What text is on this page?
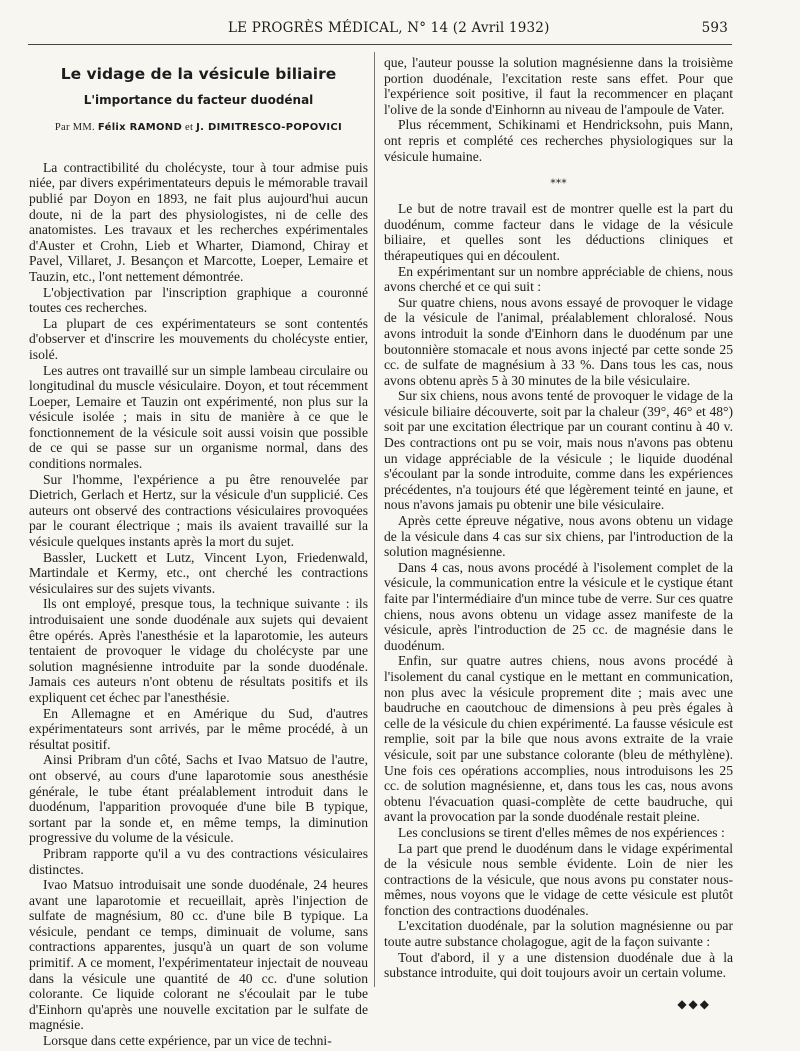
LE PROGRÈS MÉDICAL, N° 14 (2 Avril 1932)	593
Le vidage de la vésicule biliaire
L'importance du facteur duodénal
Par MM. Félix RAMOND et J. DIMITRESCO-POPOVICI

La contractibilité du cholécyste, tour à tour admise puis niée, par divers expérimentateurs depuis le mémorable travail publié par Doyon en 1893, ne fait plus aujourd'hui aucun doute, ni de la part des physiologistes, ni de celle des anatomistes. Les travaux et les recherches expérimentales d'Auster et Crohn, Lieb et Wharter, Diamond, Chiray et Pavel, Villaret, J. Besançon et Marcotte, Loeper, Lemaire et Tauzin, etc., l'ont nettement démontrée.

L'objectivation par l'inscription graphique a couronné toutes ces recherches.

La plupart de ces expérimentateurs se sont contentés d'observer et d'inscrire les mouvements du cholécyste entier, isolé.

Les autres ont travaillé sur un simple lambeau circulaire ou longitudinal du muscle vésiculaire. Doyon, et tout récemment Loeper, Lemaire et Tauzin ont expérimenté, non plus sur la vésicule isolée ; mais in situ de manière à ce que le fonctionnement de la vésicule soit aussi voisin que possible de ce qui se passe sur un organisme normal, dans des conditions normales.

Sur l'homme, l'expérience a pu être renouvelée par Dietrich, Gerlach et Hertz, sur la vésicule d'un supplicié. Ces auteurs ont observé des contractions vésiculaires provoquées par le courant électrique ; mais ils avaient travaillé sur la vésicule quelques instants après la mort du sujet.

Bassler, Luckett et Lutz, Vincent Lyon, Friedenwald, Martindale et Kermy, etc., ont cherché les contractions vésiculaires sur des sujets vivants.

Ils ont employé, presque tous, la technique suivante : ils introduisaient une sonde duodénale aux sujets qui devaient être opérés. Après l'anesthésie et la laparotomie, les auteurs tentaient de provoquer le vidage du cholécyste par une solution magnésienne introduite par la sonde duodénale. Jamais ces auteurs n'ont obtenu de résultats positifs et ils expliquent cet échec par l'anesthésie.

En Allemagne et en Amérique du Sud, d'autres expérimentateurs sont arrivés, par le même procédé, à un résultat positif.

Ainsi Pribram d'un côté, Sachs et Ivao Matsuo de l'autre, ont observé, au cours d'une laparotomie sous anesthésie générale, le tube étant préalablement introduit dans le duodénum, l'apparition provoquée d'une bile B typique, sortant par la sonde et, en même temps, la diminution progressive du volume de la vésicule.

Pribram rapporte qu'il a vu des contractions vésiculaires distinctes.

Ivao Matsuo introduisait une sonde duodénale, 24 heures avant une laparotomie et recueillait, après l'injection de sulfate de magnésium, 80 cc. d'une bile B typique. La vésicule, pendant ce temps, diminuait de volume, sans contractions apparentes, jusqu'à un quart de son volume primitif. A ce moment, l'expérimentateur injectait de nouveau dans la vésicule une quantité de 40 cc. d'une solution colorante. Ce liquide colorant ne s'écoulait par le tube d'Einhorn qu'après une nouvelle excitation par le sulfate de magnésie.

Lorsque dans cette expérience, par un vice de techni-

que, l'auteur pousse la solution magnésienne dans la troisième portion duodénale, l'excitation reste sans effet. Pour que l'expérience soit positive, il faut la recommencer en plaçant l'olive de la sonde d'Einhornn au niveau de l'ampoule de Vater.

Plus récemment, Schikinami et Hendricksohn, puis Mann, ont repris et complété ces recherches physiologiques sur la vésicule humaine.

⁎⁎⁎

Le but de notre travail est de montrer quelle est la part du duodénum, comme facteur dans le vidage de la vésicule biliaire, et quelles sont les déductions cliniques et thérapeutiques qui en découlent.

En expérimentant sur un nombre appréciable de chiens, nous avons cherché et ce qui suit :

Sur quatre chiens, nous avons essayé de provoquer le vidage de la vésicule de l'animal, préalablement chloralosé. Nous avons introduit la sonde d'Einhorn dans le duodénum par une boutonnière stomacale et nous avons injecté par cette sonde 25 cc. de sulfate de magnésium à 33 %. Dans tous les cas, nous avons obtenu après 5 à 30 minutes de la bile vésiculaire.

Sur six chiens, nous avons tenté de provoquer le vidage de la vésicule biliaire découverte, soit par la chaleur (39°, 46° et 48°) soit par une excitation électrique par un courant continu à 40 v. Des contractions ont pu se voir, mais nous n'avons pas obtenu un vidage appréciable de la vésicule ; le liquide duodénal s'écoulant par la sonde introduite, comme dans les expériences précédentes, n'a toujours été que légèrement teinté en jaune, et nous n'avons jamais pu obtenir une bile vésiculaire.

Après cette épreuve négative, nous avons obtenu un vidage de la vésicule dans 4 cas sur six chiens, par l'introduction de la solution magnésienne.

Dans 4 cas, nous avons procédé à l'isolement complet de la vésicule, la communication entre la vésicule et le cystique étant faite par l'intermédiaire d'un mince tube de verre. Sur ces quatre chiens, nous avons obtenu un vidage assez manifeste de la vésicule, après l'introduction de 25 cc. de magnésie dans le duodénum.

Enfin, sur quatre autres chiens, nous avons procédé à l'isolement du canal cystique en le mettant en communication, non plus avec la vésicule proprement dite ; mais avec une baudruche en caoutchouc de dimensions à peu près égales à celle de la vésicule du chien expérimenté. La fausse vésicule est remplie, soit par la bile que nous avons extraite de la vraie vésicule, soit par une substance colorante (bleu de méthylène). Une fois ces opérations accomplies, nous introduisons les 25 cc. de solution magnésienne, et, dans tous les cas, nous avons obtenu l'évacuation quasi-complète de cette baudruche, qui avant la provocation par la sonde duodénale restait pleine.

Les conclusions se tirent d'elles mêmes de nos expériences :

La part que prend le duodénum dans le vidage expérimental de la vésicule nous semble évidente. Loin de nier les contractions de la vésicule, que nous avons pu constater nous-mêmes, nous voyons que le vidage de cette vésicule est plutôt fonction des contractions duodénales.

L'excitation duodénale, par la solution magnésienne ou par toute autre substance cholagogue, agit de la façon suivante :

Tout d'abord, il y a une distension duodénale due à la substance introduite, qui doit toujours avoir un certain volume.

◆◆◆
